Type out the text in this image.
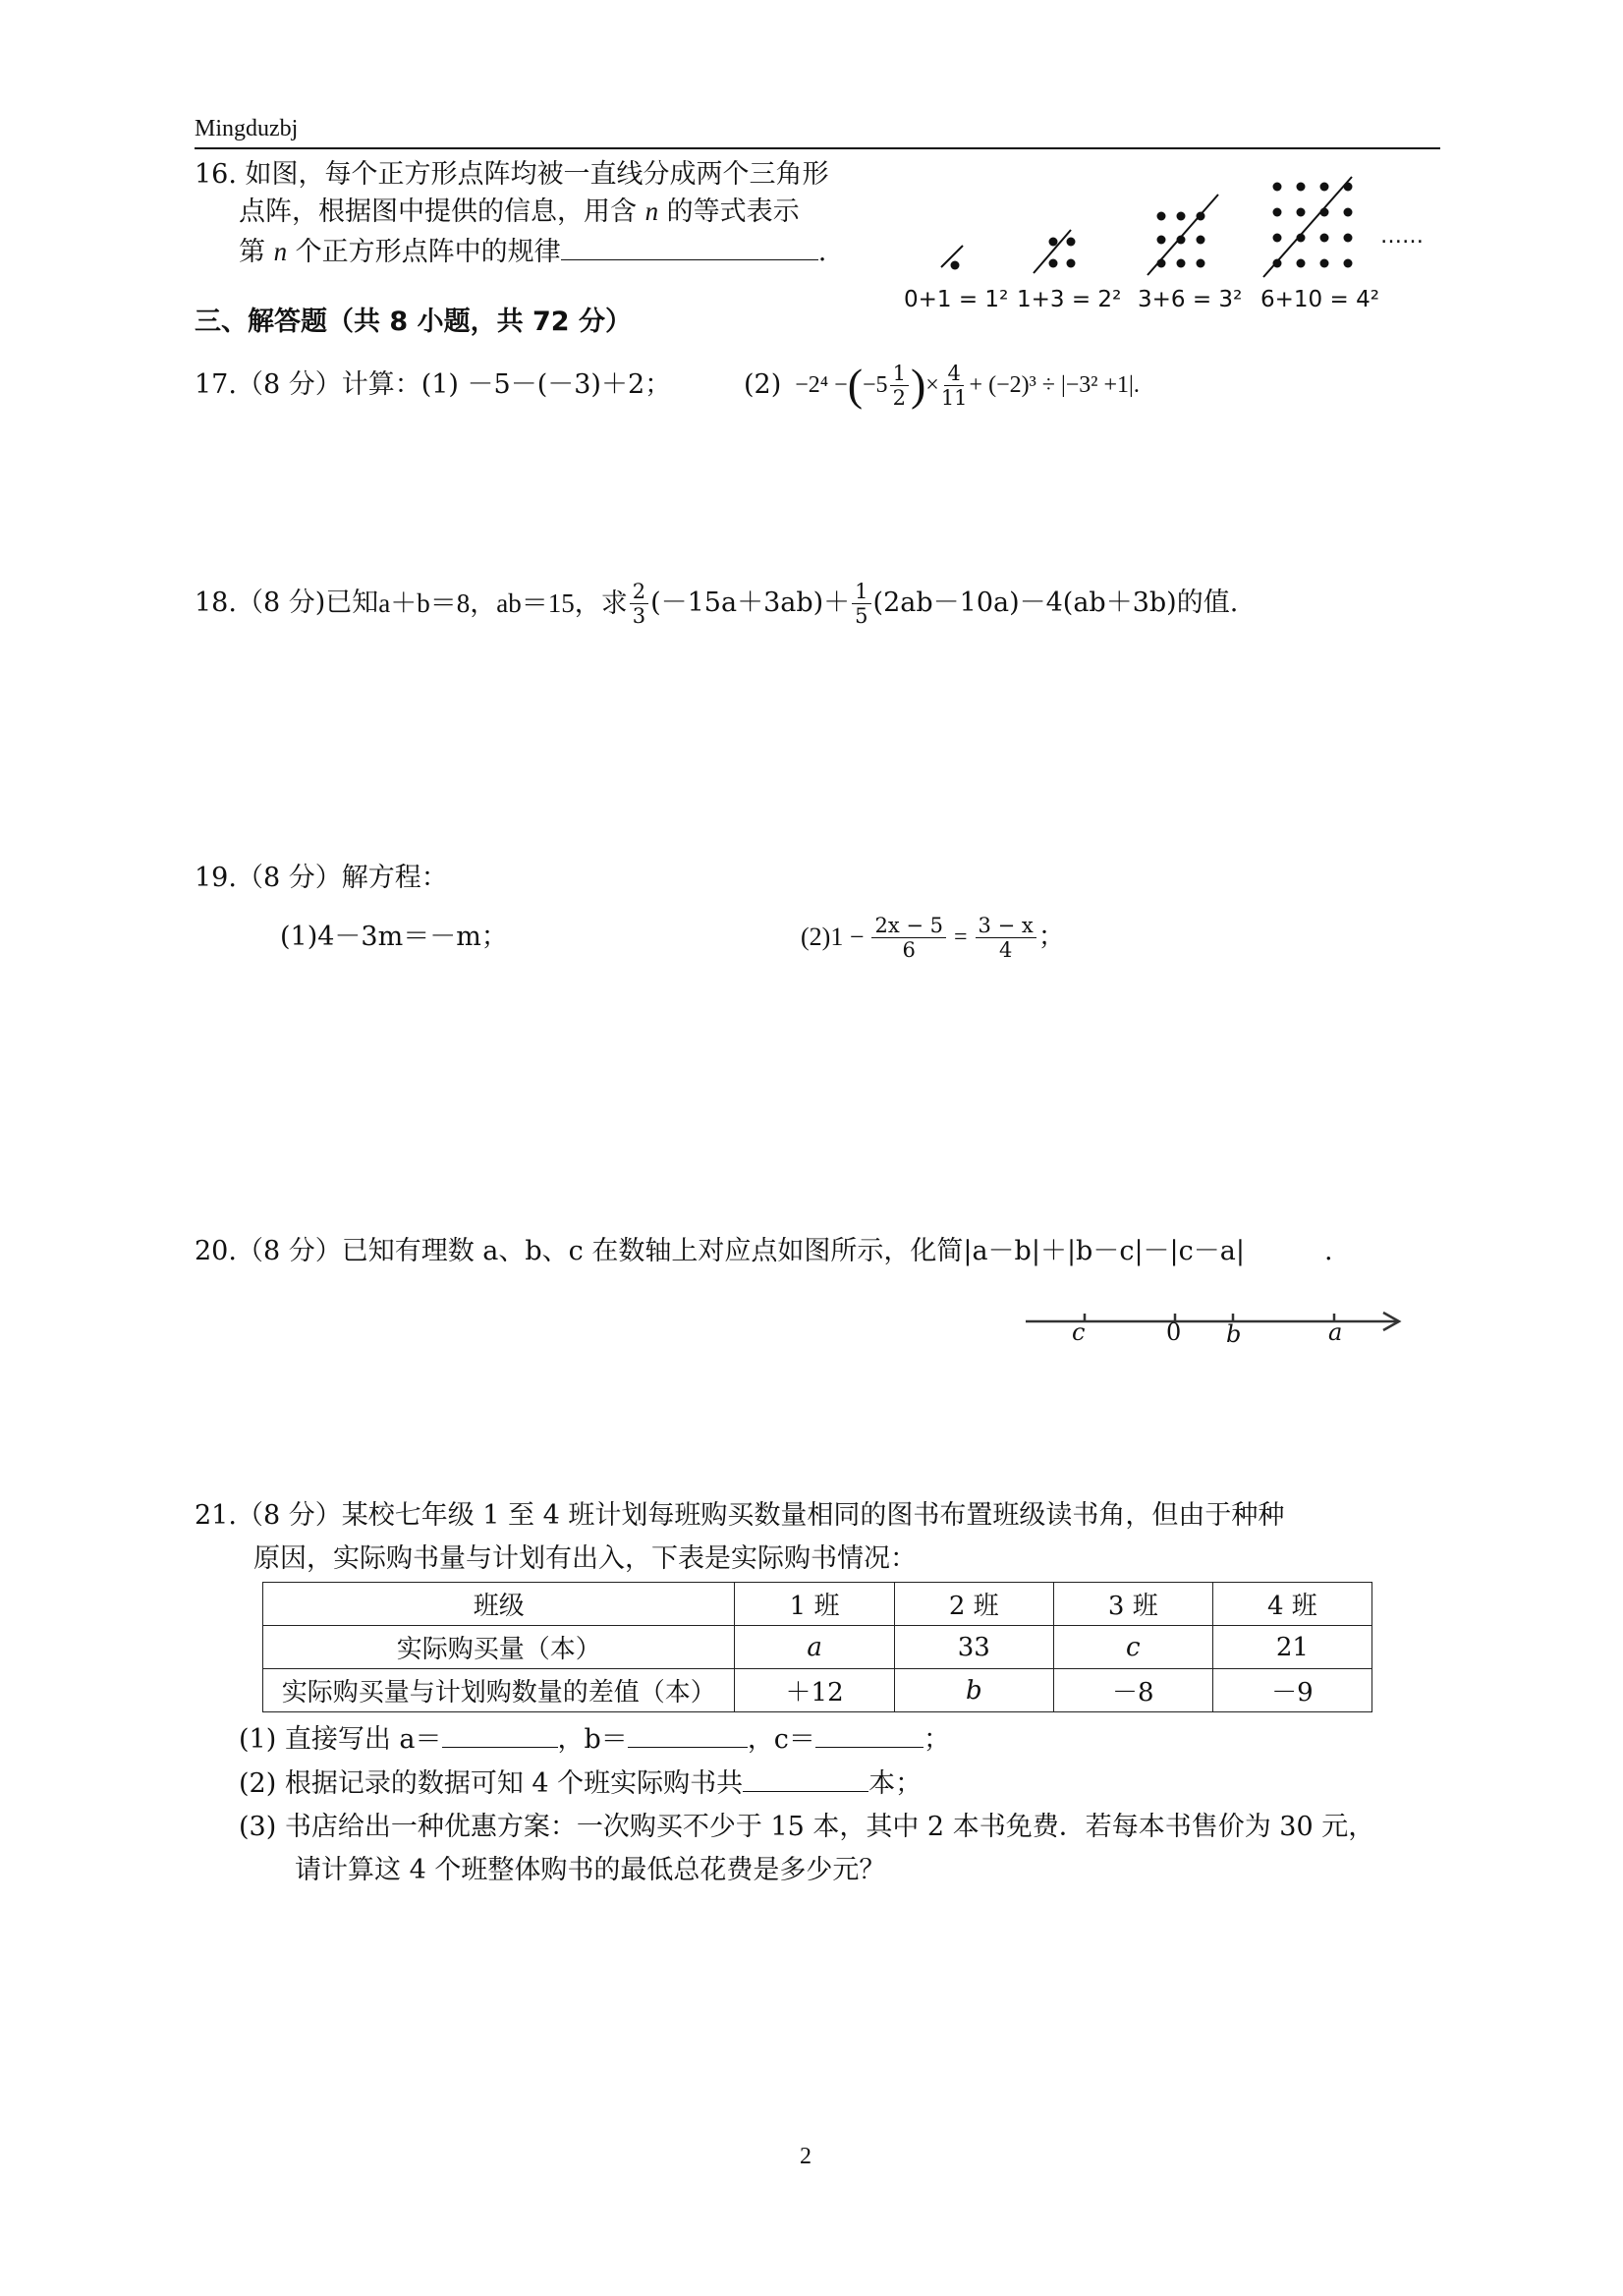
Mingduzbj
16. 如图，每个正方形点阵均被一直线分成两个三角形
点阵，根据图中提供的信息，用含 n 的等式表示
第 n 个正方形点阵中的规律	.
……
0+1 = 1² 1+3 = 2² 3+6 = 3² 6+10 = 4²
三、解答题（共 8 小题，共 72 分）
17.（8 分）计算：(1) －5－(－3)＋2；	(2) −2⁴ − ( $-5 \frac{1}{2}$ ) × $\frac{4}{11} + (-2)^3 \div |-3^2 +1|$.
18.（8 分)已知 a＋b＝8，ab＝15，求 $\frac{2}{3} (-15a+3ab)+ \frac{1}{5} (2ab-10a)-4(ab+3b)$的值.
19.（8 分）解方程：
(1)4－3m＝－m；	$(2)1 - \frac{2x - 5}{6} = \frac{3 - x}{4}$ ；
20.（8 分）已知有理数 a、b、c 在数轴上对应点如图所示，化简|a－b|＋|b－c|－|c－a|	.
c	0 b	a
21.（8 分）某校七年级 1 至 4 班计划每班购买数量相同的图书布置班级读书角，但由于种种
原因，实际购书量与计划有出入，下表是实际购书情况：
班级	1 班	2 班	3 班	4 班
实际购买量（本）	a	33	c	21
实际购买量与计划购数量的差值（本）	＋12	b	－8	－9
(1) 直接写出 a＝	，b＝	，c＝	；
(2) 根据记录的数据可知 4 个班实际购书共	本；
(3) 书店给出一种优惠方案：一次购买不少于 15 本，其中 2 本书免费．若每本书售价为 30 元，
请计算这 4 个班整体购书的最低总花费是多少元？
2
